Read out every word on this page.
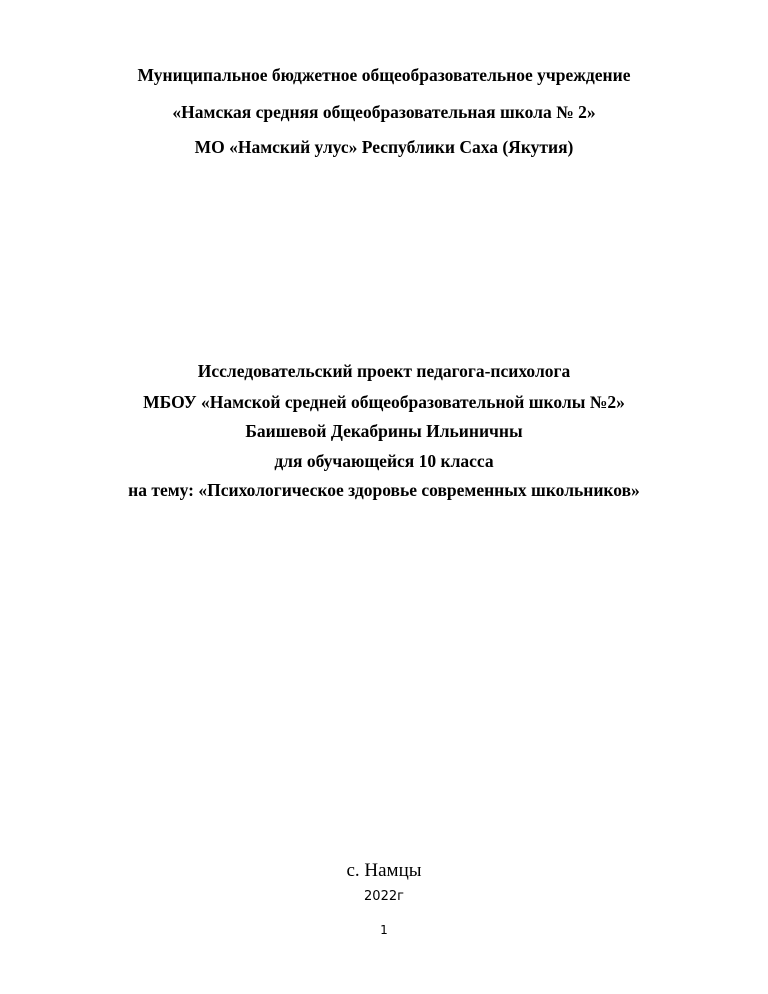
Муниципальное бюджетное общеобразовательное учреждение
«Намская средняя общеобразовательная школа № 2»
МО «Намский улус» Республики Саха (Якутия)
Исследовательский проект педагога-психолога
МБОУ «Намской средней общеобразовательной школы №2»
Баишевой Декабрины Ильиничны
для обучающейся 10 класса
на тему: «Психологическое здоровье современных школьников»
с. Намцы
2022г
1
